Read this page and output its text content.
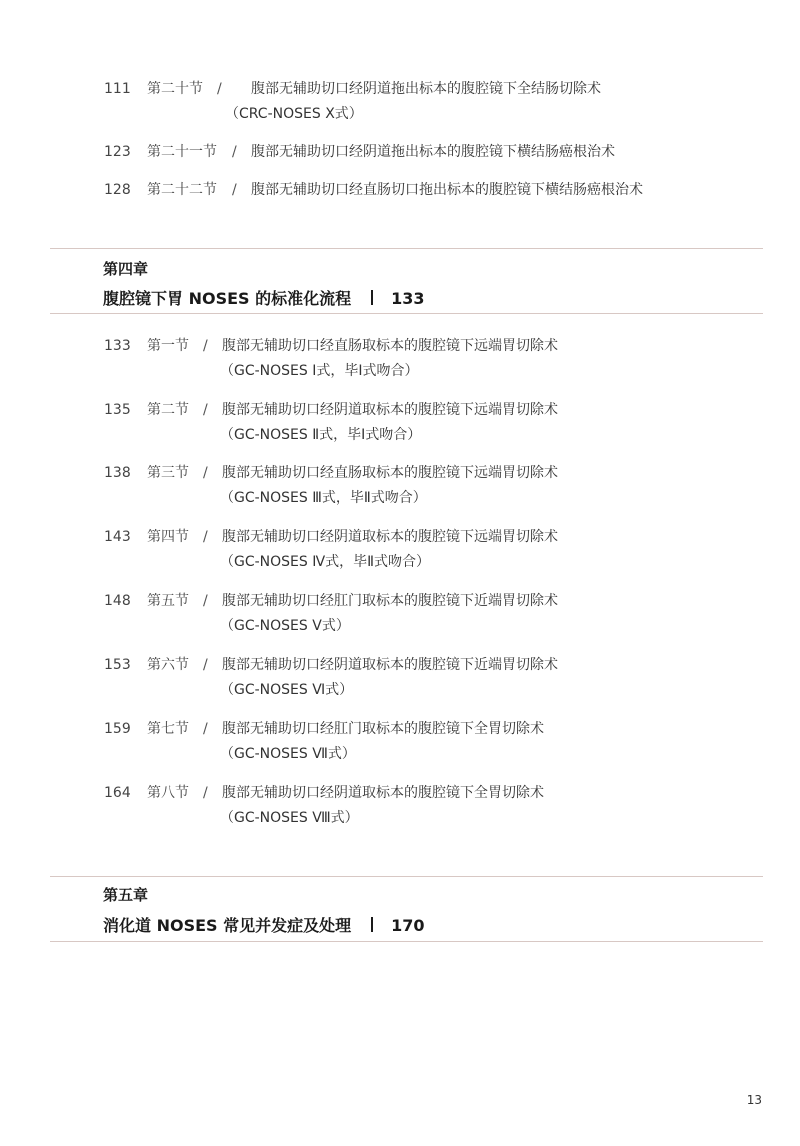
111 第二十节 / 腹部无辅助切口经阴道拖出标本的腹腔镜下全结肠切除术
（CRC-NOSES Ⅹ式）
123 第二十一节 / 腹部无辅助切口经阴道拖出标本的腹腔镜下横结肠癌根治术
128 第二十二节 / 腹部无辅助切口经直肠切口拖出标本的腹腔镜下横结肠癌根治术
第四章
腹腔镜下胃 NOSES 的标准化流程	133
133 第一节 / 腹部无辅助切口经直肠取标本的腹腔镜下远端胃切除术
（GC-NOSES Ⅰ式，毕Ⅰ式吻合）
135 第二节 / 腹部无辅助切口经阴道取标本的腹腔镜下远端胃切除术
（GC-NOSES Ⅱ式，毕Ⅰ式吻合）
138 第三节 / 腹部无辅助切口经直肠取标本的腹腔镜下远端胃切除术
（GC-NOSES Ⅲ式，毕Ⅱ式吻合）
143 第四节 / 腹部无辅助切口经阴道取标本的腹腔镜下远端胃切除术
（GC-NOSES Ⅳ式，毕Ⅱ式吻合）
148 第五节 / 腹部无辅助切口经肛门取标本的腹腔镜下近端胃切除术
（GC-NOSES Ⅴ式）
153 第六节 / 腹部无辅助切口经阴道取标本的腹腔镜下近端胃切除术
（GC-NOSES Ⅵ式）
159 第七节 / 腹部无辅助切口经肛门取标本的腹腔镜下全胃切除术
（GC-NOSES Ⅶ式）
164 第八节 / 腹部无辅助切口经阴道取标本的腹腔镜下全胃切除术
（GC-NOSES Ⅷ式）
第五章
消化道 NOSES 常见并发症及处理	170
13
